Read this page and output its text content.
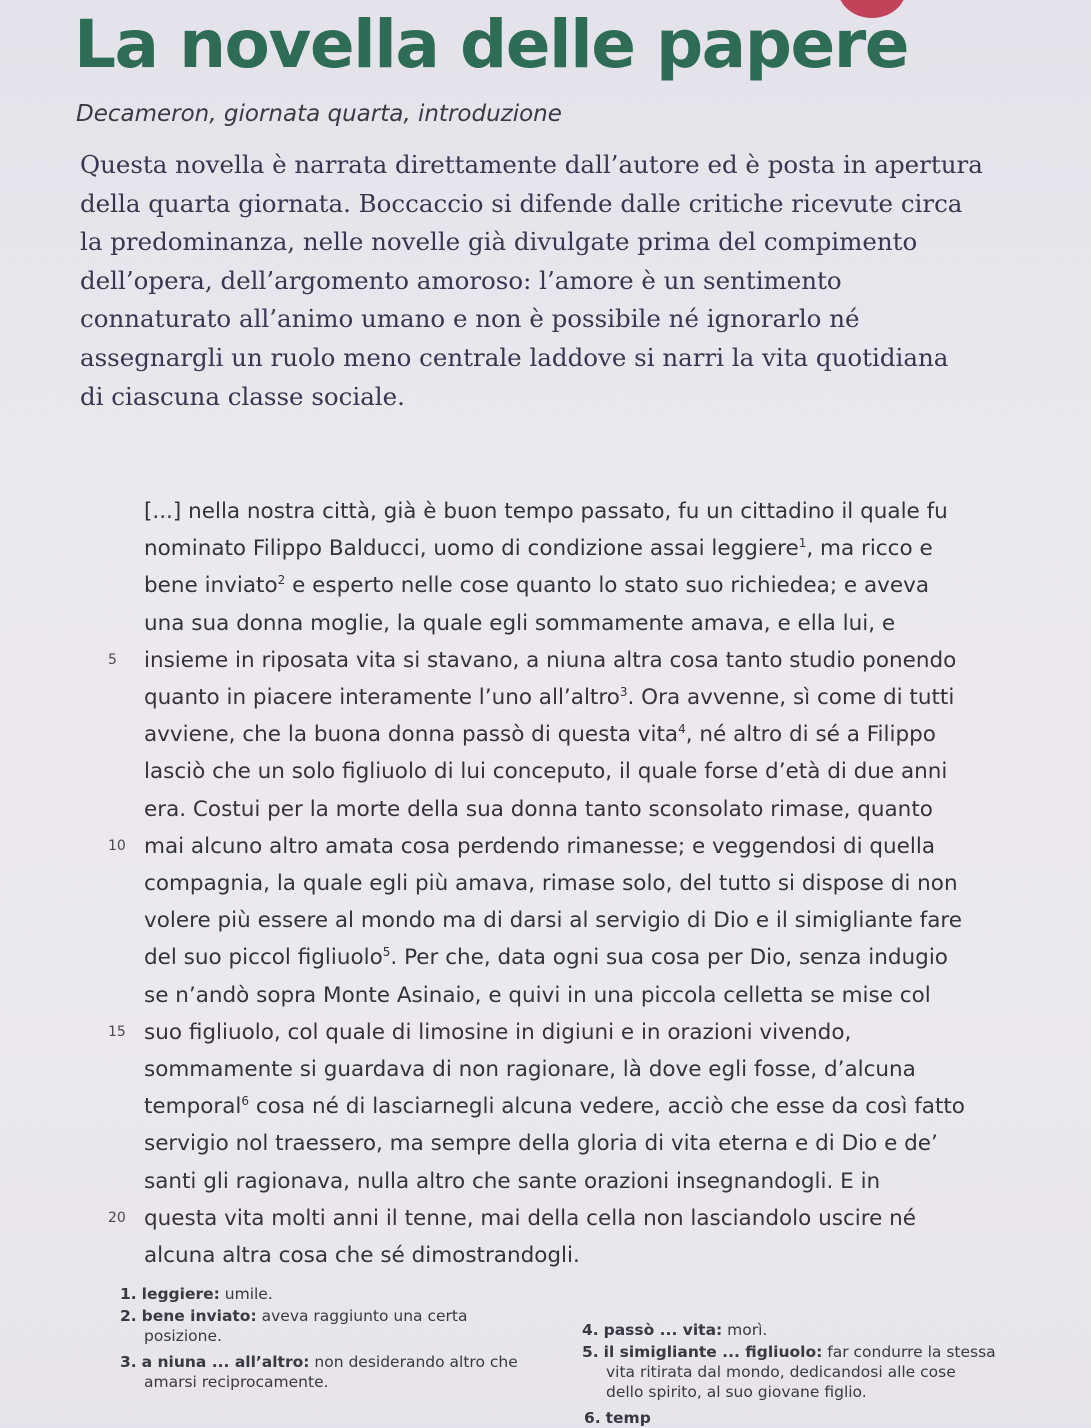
La novella delle papere

Decameron, giornata quarta, introduzione

Questa novella è narrata direttamente dall’autore ed è posta in apertura
della quarta giornata. Boccaccio si difende dalle critiche ricevute circa
la predominanza, nelle novelle già divulgate prima del compimento
dell’opera, dell’argomento amoroso: l’amore è un sentimento
connaturato all’animo umano e non è possibile né ignorarlo né
assegnargli un ruolo meno centrale laddove si narri la vita quotidiana
di ciascuna classe sociale.

[...] nella nostra città, già è buon tempo passato, fu un cittadino il quale fu
nominato Filippo Balducci, uomo di condizione assai leggiere$^1$, ma ricco e
bene inviato$^2$ e esperto nelle cose quanto lo stato suo richiedea; e aveva
una sua donna moglie, la quale egli sommamente amava, e ella lui, e
5 insieme in riposata vita si stavano, a niuna altra cosa tanto studio ponendo
quanto in piacere interamente l’uno all’altro$^3$. Ora avvenne, sì come di tutti
avviene, che la buona donna passò di questa vita$^4$, né altro di sé a Filippo
lasciò che un solo figliuolo di lui conceputo, il quale forse d’età di due anni
era. Costui per la morte della sua donna tanto sconsolato rimase, quanto
10 mai alcuno altro amata cosa perdendo rimanesse; e veggendosi di quella
compagnia, la quale egli più amava, rimase solo, del tutto si dispose di non
volere più essere al mondo ma di darsi al servigio di Dio e il simigliante fare
del suo piccol figliuolo$^5$. Per che, data ogni sua cosa per Dio, senza indugio
se n’andò sopra Monte Asinaio, e quivi in una piccola celletta se mise col
15 suo figliuolo, col quale di limosine in digiuni e in orazioni vivendo,
sommamente si guardava di non ragionare, là dove egli fosse, d’alcuna
temporal$^6$ cosa né di lasciarnegli alcuna vedere, acciò che esse da così fatto
servigio nol traessero, ma sempre della gloria di vita eterna e di Dio e de’
santi gli ragionava, nulla altro che sante orazioni insegnandogli. E in
20 questa vita molti anni il tenne, mai della cella non lasciandolo uscire né
alcuna altra cosa che sé dimostrandogli.
1. leggiere: umile.
2. bene inviato: aveva raggiunto una certa
posizione.
3. a niuna ... all’altro: non desiderando altro che
amarsi reciprocamente.
4. passò ... vita: morì.
5. il simigliante ... figliuolo: far condurre la stessa
vita ritirata dal mondo, dedicandosi alle cose
dello spirito, al suo giovane figlio.
6. temp
